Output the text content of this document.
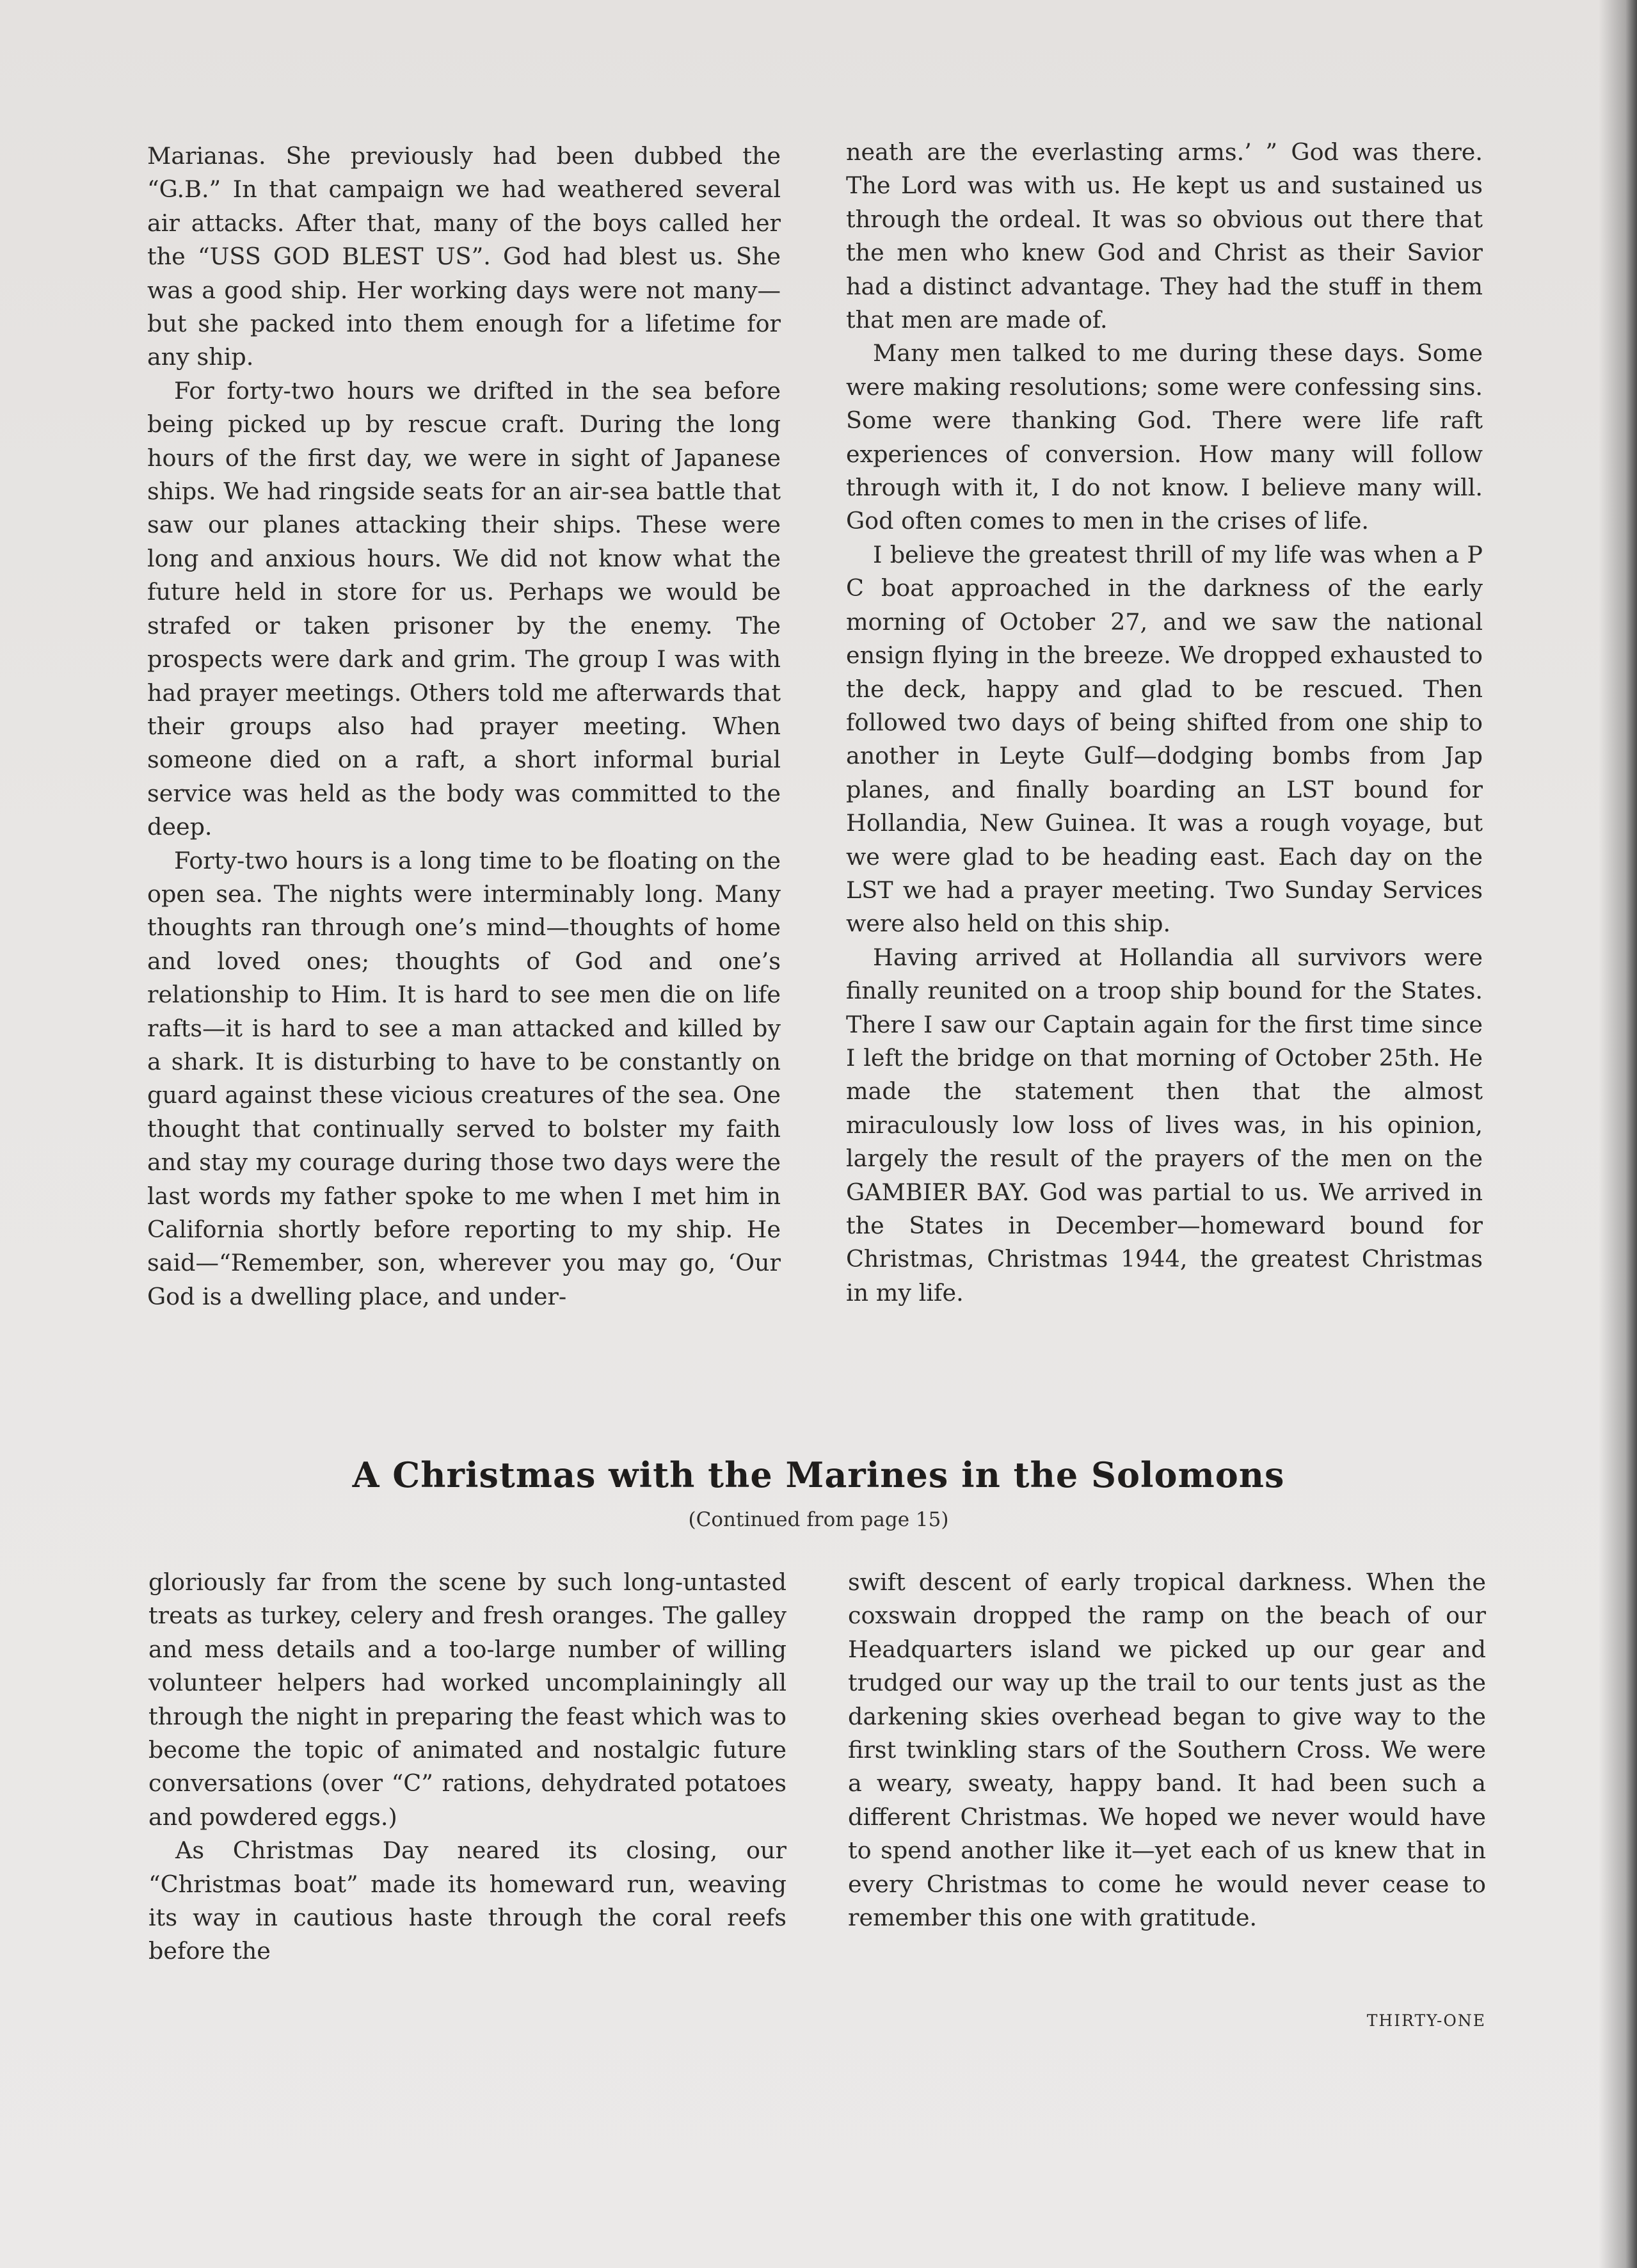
Marianas. She previously had been dubbed the “G.B.” In that campaign we had weathered several air attacks. After that, many of the boys called her the “USS GOD BLEST US”. God had blest us. She was a good ship. Her working days were not many—but she packed into them enough for a lifetime for any ship.

For forty-two hours we drifted in the sea before being picked up by rescue craft. During the long hours of the first day, we were in sight of Japanese ships. We had ringside seats for an air-sea battle that saw our planes attacking their ships. These were long and anxious hours. We did not know what the future held in store for us. Perhaps we would be strafed or taken prisoner by the enemy. The prospects were dark and grim. The group I was with had prayer meetings. Others told me afterwards that their groups also had prayer meeting. When someone died on a raft, a short informal burial service was held as the body was committed to the deep.

Forty-two hours is a long time to be floating on the open sea. The nights were interminably long. Many thoughts ran through one’s mind—thoughts of home and loved ones; thoughts of God and one’s relationship to Him. It is hard to see men die on life rafts—it is hard to see a man attacked and killed by a shark. It is disturbing to have to be constantly on guard against these vicious creatures of the sea. One thought that continually served to bolster my faith and stay my courage during those two days were the last words my father spoke to me when I met him in California shortly before reporting to my ship. He said—“Remember, son, wherever you may go, ‘Our God is a dwelling place, and under-

neath are the everlasting arms.’ ” God was there. The Lord was with us. He kept us and sustained us through the ordeal. It was so obvious out there that the men who knew God and Christ as their Savior had a distinct advantage. They had the stuff in them that men are made of.

Many men talked to me during these days. Some were making resolutions; some were confessing sins. Some were thanking God. There were life raft experiences of conversion. How many will follow through with it, I do not know. I believe many will. God often comes to men in the crises of life.

I believe the greatest thrill of my life was when a P C boat approached in the darkness of the early morning of October 27, and we saw the national ensign flying in the breeze. We dropped exhausted to the deck, happy and glad to be rescued. Then followed two days of being shifted from one ship to another in Leyte Gulf—dodging bombs from Jap planes, and finally boarding an LST bound for Hollandia, New Guinea. It was a rough voyage, but we were glad to be heading east. Each day on the LST we had a prayer meeting. Two Sunday Services were also held on this ship.

Having arrived at Hollandia all survivors were finally reunited on a troop ship bound for the States. There I saw our Captain again for the first time since I left the bridge on that morning of October 25th. He made the statement then that the almost miraculously low loss of lives was, in his opinion, largely the result of the prayers of the men on the GAMBIER BAY. God was partial to us. We arrived in the States in December—homeward bound for Christmas, Christmas 1944, the greatest Christmas in my life.

A Christmas with the Marines in the Solomons
(Continued from page 15)

gloriously far from the scene by such long-untasted treats as turkey, celery and fresh oranges. The galley and mess details and a too-large number of willing volunteer helpers had worked uncomplainingly all through the night in preparing the feast which was to become the topic of animated and nostalgic future conversations (over “C” rations, dehydrated potatoes and powdered eggs.)

As Christmas Day neared its closing, our “Christmas boat” made its homeward run, weaving its way in cautious haste through the coral reefs before the

swift descent of early tropical darkness. When the coxswain dropped the ramp on the beach of our Headquarters island we picked up our gear and trudged our way up the trail to our tents just as the darkening skies overhead began to give way to the first twinkling stars of the Southern Cross. We were a weary, sweaty, happy band. It had been such a different Christmas. We hoped we never would have to spend another like it—yet each of us knew that in every Christmas to come he would never cease to remember this one with gratitude.

THIRTY-ONE
